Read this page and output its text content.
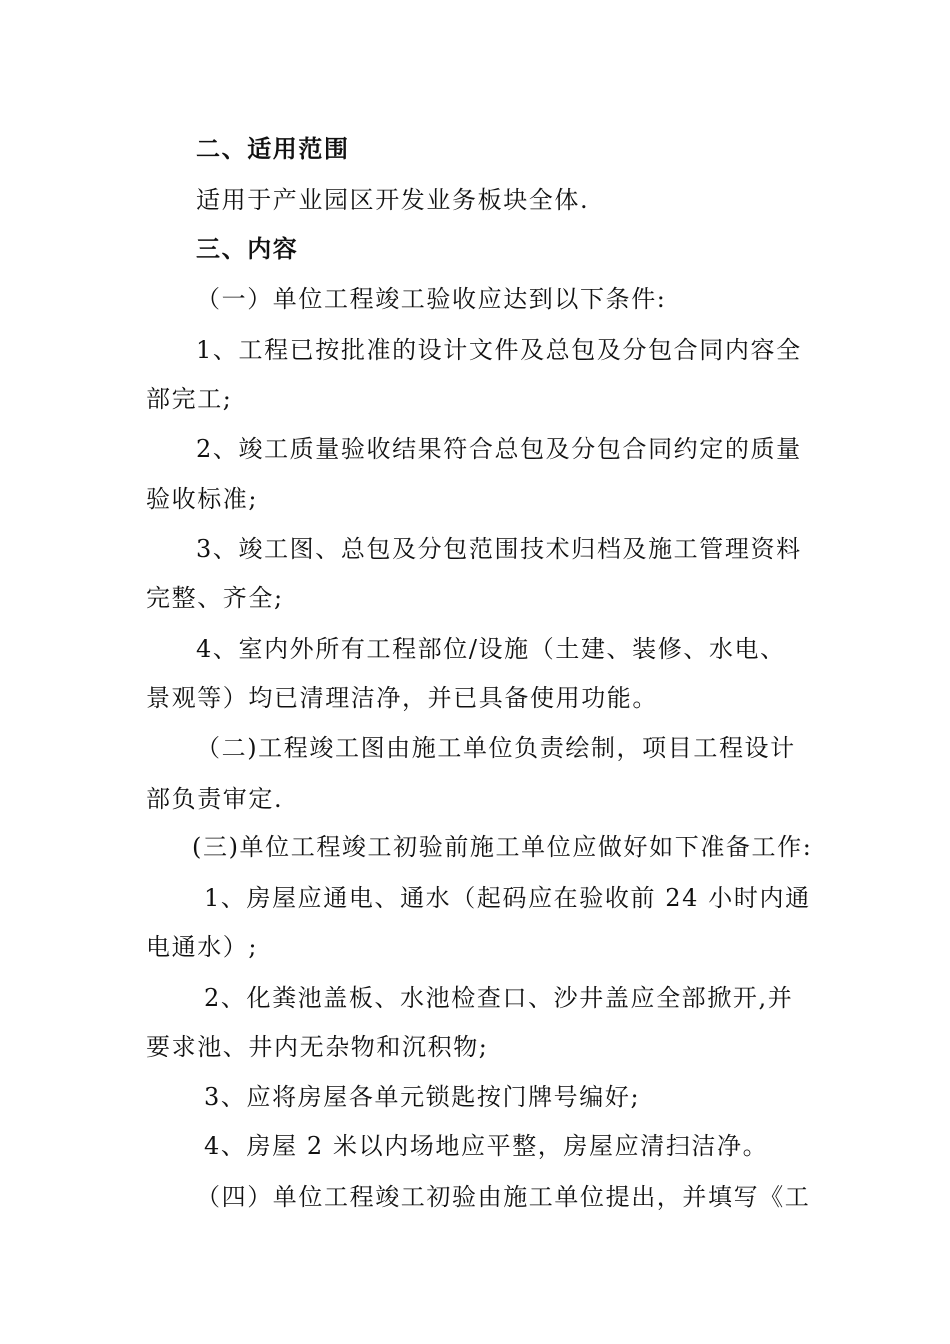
二、适用范围
适用于产业园区开发业务板块全体.
三、内容
（一）单位工程竣工验收应达到以下条件:
1、工程已按批准的设计文件及总包及分包合同内容全
部完工;
2、竣工质量验收结果符合总包及分包合同约定的质量
验收标准;
3、竣工图、总包及分包范围技术归档及施工管理资料
完整、齐全;
4、室内外所有工程部位/设施（土建、装修、水电、
景观等）均已清理洁净，并已具备使用功能。
（二)工程竣工图由施工单位负责绘制，项目工程设计
部负责审定.
(三)单位工程竣工初验前施工单位应做好如下准备工作:
1、房屋应通电、通水（起码应在验收前 24 小时内通
电通水）;
2、化粪池盖板、水池检查口、沙井盖应全部掀开,并
要求池、井内无杂物和沉积物;
3、应将房屋各单元锁匙按门牌号编好;
4、房屋 2 米以内场地应平整，房屋应清扫洁净。
（四）单位工程竣工初验由施工单位提出，并填写《工
